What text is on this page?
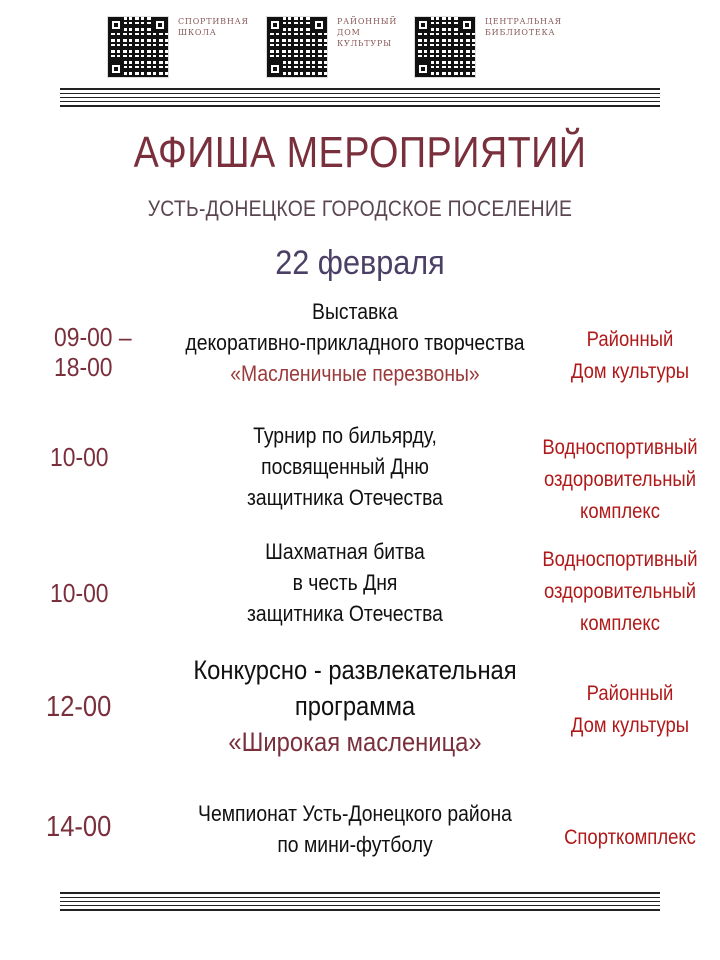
СПОРТИВНАЯ
ШКОЛА
РАЙОННЫЙ
ДОМ
КУЛЬТУРЫ
ЦЕНТРАЛЬНАЯ
БИБЛИОТЕКА
АФИША МЕРОПРИЯТИЙ
УСТЬ-ДОНЕЦКОЕ ГОРОДСКОЕ ПОСЕЛЕНИЕ
22 февраля
09-00 –
18-00
Выставка
декоративно-прикладного творчества
«Масленичные перезвоны»
Районный
Дом культуры
10-00
Турнир по бильярду,
посвященный Дню
защитника Отечества
Водноспортивный
оздоровительный
комплекс
10-00
Шахматная битва
в честь Дня
защитника Отечества
Водноспортивный
оздоровительный
комплекс
12-00
Конкурсно - развлекательная
программа
«Широкая масленица»
Районный
Дом культуры
14-00	Чемпионат Усть-Донецкого района
по мини-футболу	Спорткомплекс
